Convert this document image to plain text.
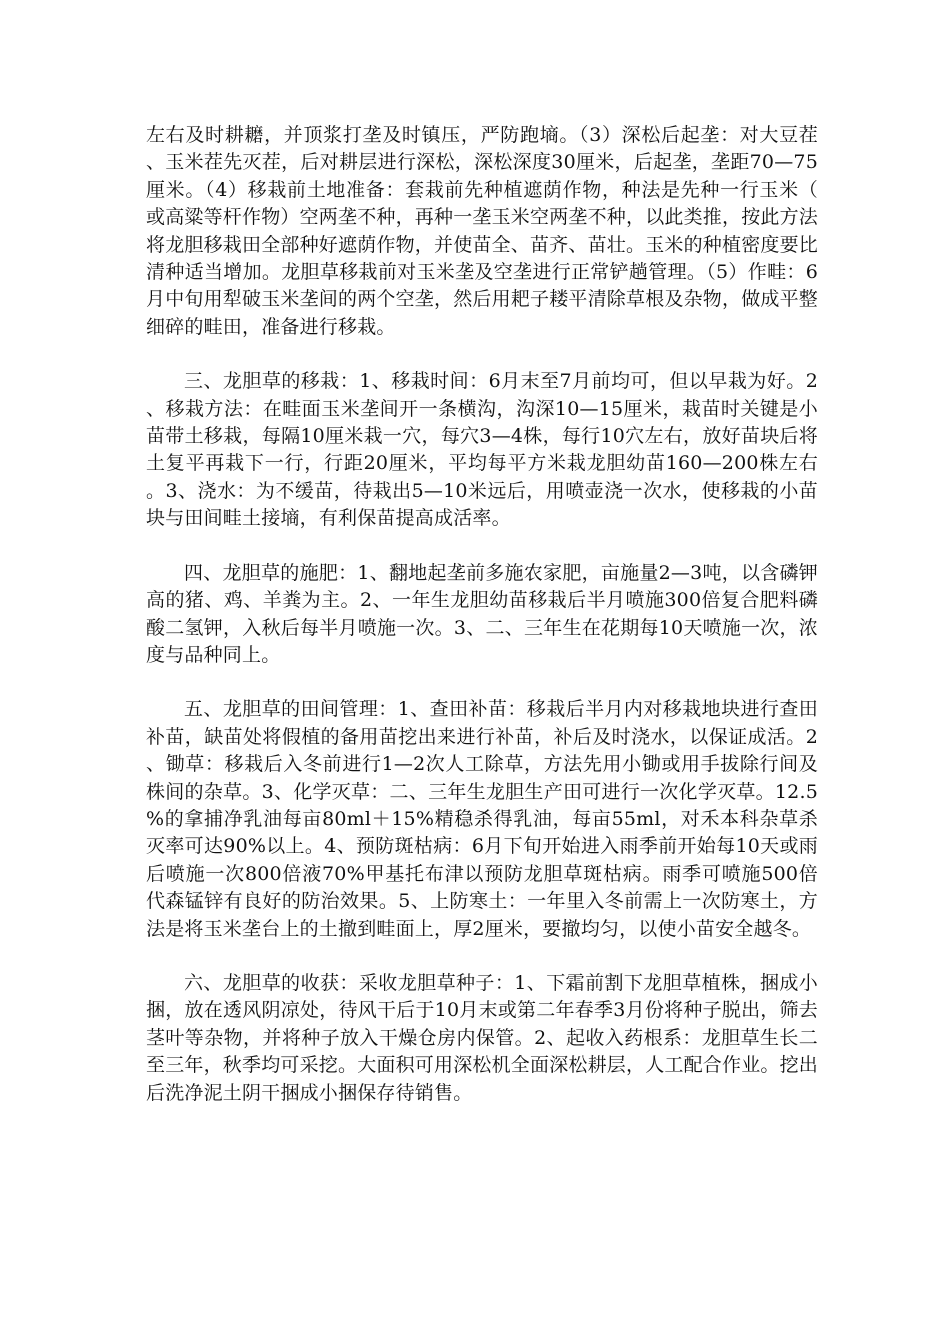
左右及时耕耱，并顶浆打垄及时镇压，严防跑墒。（3）深松后起垄：对大豆茬、玉米茬先灭茬，后对耕层进行深松，深松深度30厘米，后起垄，垄距70—75厘米。（4）移栽前土地准备：套栽前先种植遮荫作物，种法是先种一行玉米（或高粱等杆作物）空两垄不种，再种一垄玉米空两垄不种，以此类推，按此方法将龙胆移栽田全部种好遮荫作物，并使苗全、苗齐、苗壮。玉米的种植密度要比清种适当增加。龙胆草移栽前对玉米垄及空垄进行正常铲趟管理。（5）作畦：6月中旬用犁破玉米垄间的两个空垄，然后用耙子耧平清除草根及杂物，做成平整细碎的畦田，准备进行移栽。

三、龙胆草的移栽：1、移栽时间：6月末至7月前均可，但以早栽为好。2、移栽方法：在畦面玉米垄间开一条横沟，沟深10—15厘米，栽苗时关键是小苗带土移栽，每隔10厘米栽一穴，每穴3—4株，每行10穴左右，放好苗块后将土复平再栽下一行，行距20厘米，平均每平方米栽龙胆幼苗160—200株左右。3、浇水：为不缓苗，待栽出5—10米远后，用喷壶浇一次水，使移栽的小苗块与田间畦土接墒，有利保苗提高成活率。

四、龙胆草的施肥：1、翻地起垄前多施农家肥，亩施量2—3吨，以含磷钾高的猪、鸡、羊粪为主。2、一年生龙胆幼苗移栽后半月喷施300倍复合肥料磷酸二氢钾，入秋后每半月喷施一次。3、二、三年生在花期每10天喷施一次，浓度与品种同上。

五、龙胆草的田间管理：1、查田补苗：移栽后半月内对移栽地块进行查田补苗，缺苗处将假植的备用苗挖出来进行补苗，补后及时浇水，以保证成活。2、锄草：移栽后入冬前进行1—2次人工除草，方法先用小锄或用手拔除行间及株间的杂草。3、化学灭草：二、三年生龙胆生产田可进行一次化学灭草。12.5%的拿捕净乳油每亩80ml＋15%精稳杀得乳油，每亩55ml，对禾本科杂草杀灭率可达90%以上。4、预防斑枯病：6月下旬开始进入雨季前开始每10天或雨后喷施一次800倍液70%甲基托布津以预防龙胆草斑枯病。雨季可喷施500倍代森锰锌有良好的防治效果。5、上防寒土：一年里入冬前需上一次防寒土，方法是将玉米垄台上的土撤到畦面上，厚2厘米，要撤均匀，以使小苗安全越冬。

六、龙胆草的收获：采收龙胆草种子：1、下霜前割下龙胆草植株，捆成小捆，放在透风阴凉处，待风干后于10月末或第二年春季3月份将种子脱出，筛去茎叶等杂物，并将种子放入干燥仓房内保管。2、起收入药根系：龙胆草生长二至三年，秋季均可采挖。大面积可用深松机全面深松耕层，人工配合作业。挖出后洗净泥土阴干捆成小捆保存待销售。
